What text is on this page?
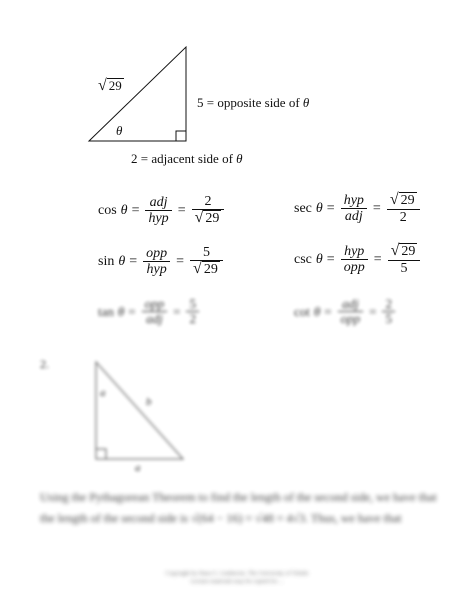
√ 29
θ
5 = opposite side of θ
2 = adjacent side of θ
$\cos \theta = \frac{\text{adj}}{\text{hyp}} = \frac{2}{√ 29}$	$\sec \theta = \frac{\text{hyp}}{\text{adj}} = \frac{√ 29}{2}$
$\sin \theta = \frac{\text{opp}}{\text{hyp}} = \frac{5}{√ 29}$	$\csc \theta = \frac{\text{hyp}}{\text{opp}} = \frac{√ 29}{5}$
$\tan \theta = \frac{\text{opp}}{\text{adj}} = \frac{5}{2}$	$\cot \theta = \frac{\text{adj}}{\text{opp}} = \frac{2}{5}$
2.
a
b
a
Using the Pythagorean Theorem to find the length of the second side, we have that
the length of the second side is √(64 − 16) = √48 = 4√3. Thus, we have that
Copyright by Hans G. Lindstrom. The University of Toledo
Lecture materials may be copied for ...
